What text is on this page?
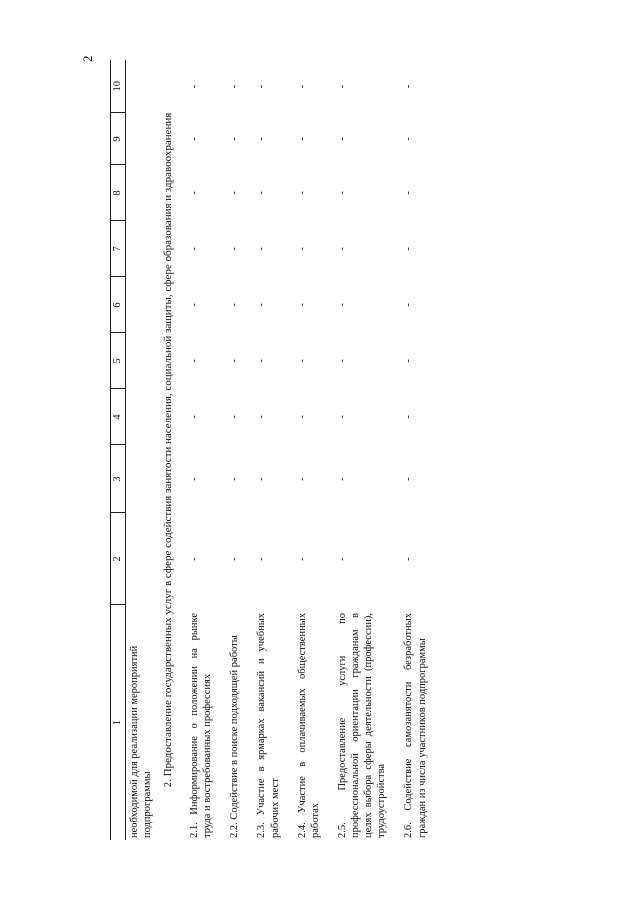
2
1	2	3	4	5	6	7	8	9	10
необходимой для реализации мероприятий подпрограммы									
2. Предоставление государственных услуг в сфере содействия занятости населения, социальной защиты, сфере образования и здравоохранения									
2.1. Информирование о положении на рынке труда и востребованных профессиях	-	-	-	-	-	-	-	-	-
2.2. Содействие в поиске подходящей работы	-	-	-	-	-	-	-	-	-
2.3. Участие в ярмарках вакансий и учебных рабочих мест	-	-	-	-	-	-	-	-	-
2.4. Участие в оплачиваемых общественных работах	-	-	-	-	-	-	-	-	-
2.5. Предоставление услуги по профессиональной ориентации гражданам в целях выбора сферы деятельности (профессии), трудоустройства	-	-	-	-	-	-	-	-	-
2.6. Содействие самозанятости безработных граждан из числа участников подпрограммы	-	-	-	-	-	-	-	-	-
